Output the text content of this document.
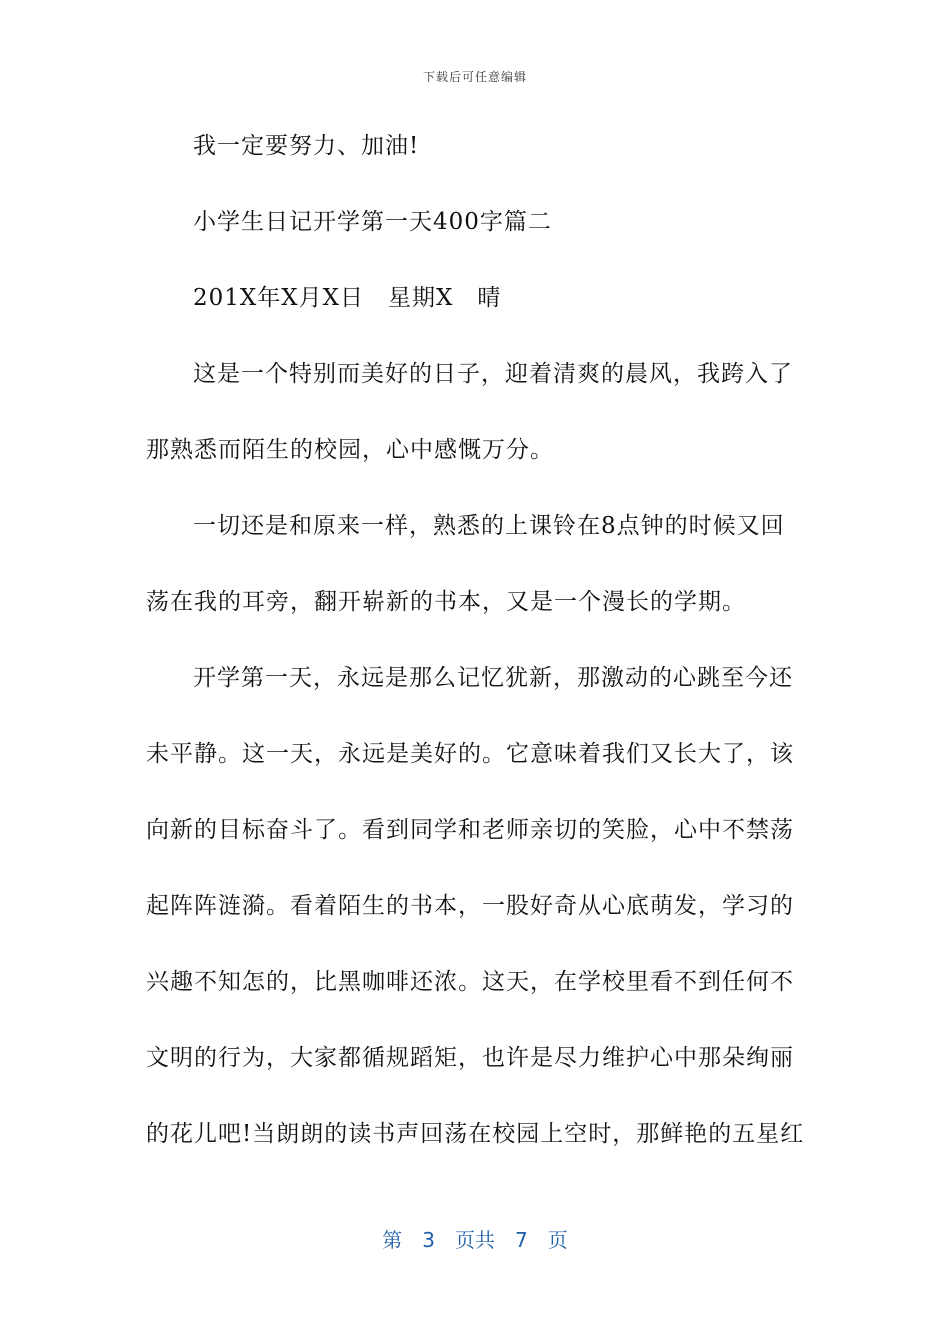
下载后可任意编辑
我一定要努力、加油!
小学生日记开学第一天400字篇二
201X年X月X日　星期X　晴
这是一个特别而美好的日子，迎着清爽的晨风，我跨入了
那熟悉而陌生的校园，心中感慨万分。
一切还是和原来一样，熟悉的上课铃在8点钟的时候又回
荡在我的耳旁，翻开崭新的书本，又是一个漫长的学期。
开学第一天，永远是那么记忆犹新，那激动的心跳至今还
未平静。这一天，永远是美好的。它意味着我们又长大了，该
向新的目标奋斗了。看到同学和老师亲切的笑脸，心中不禁荡
起阵阵涟漪。看着陌生的书本，一股好奇从心底萌发，学习的
兴趣不知怎的，比黑咖啡还浓。这天，在学校里看不到任何不
文明的行为，大家都循规蹈矩，也许是尽力维护心中那朵绚丽
的花儿吧!当朗朗的读书声回荡在校园上空时，那鲜艳的五星红
第　3　页共　7　页
